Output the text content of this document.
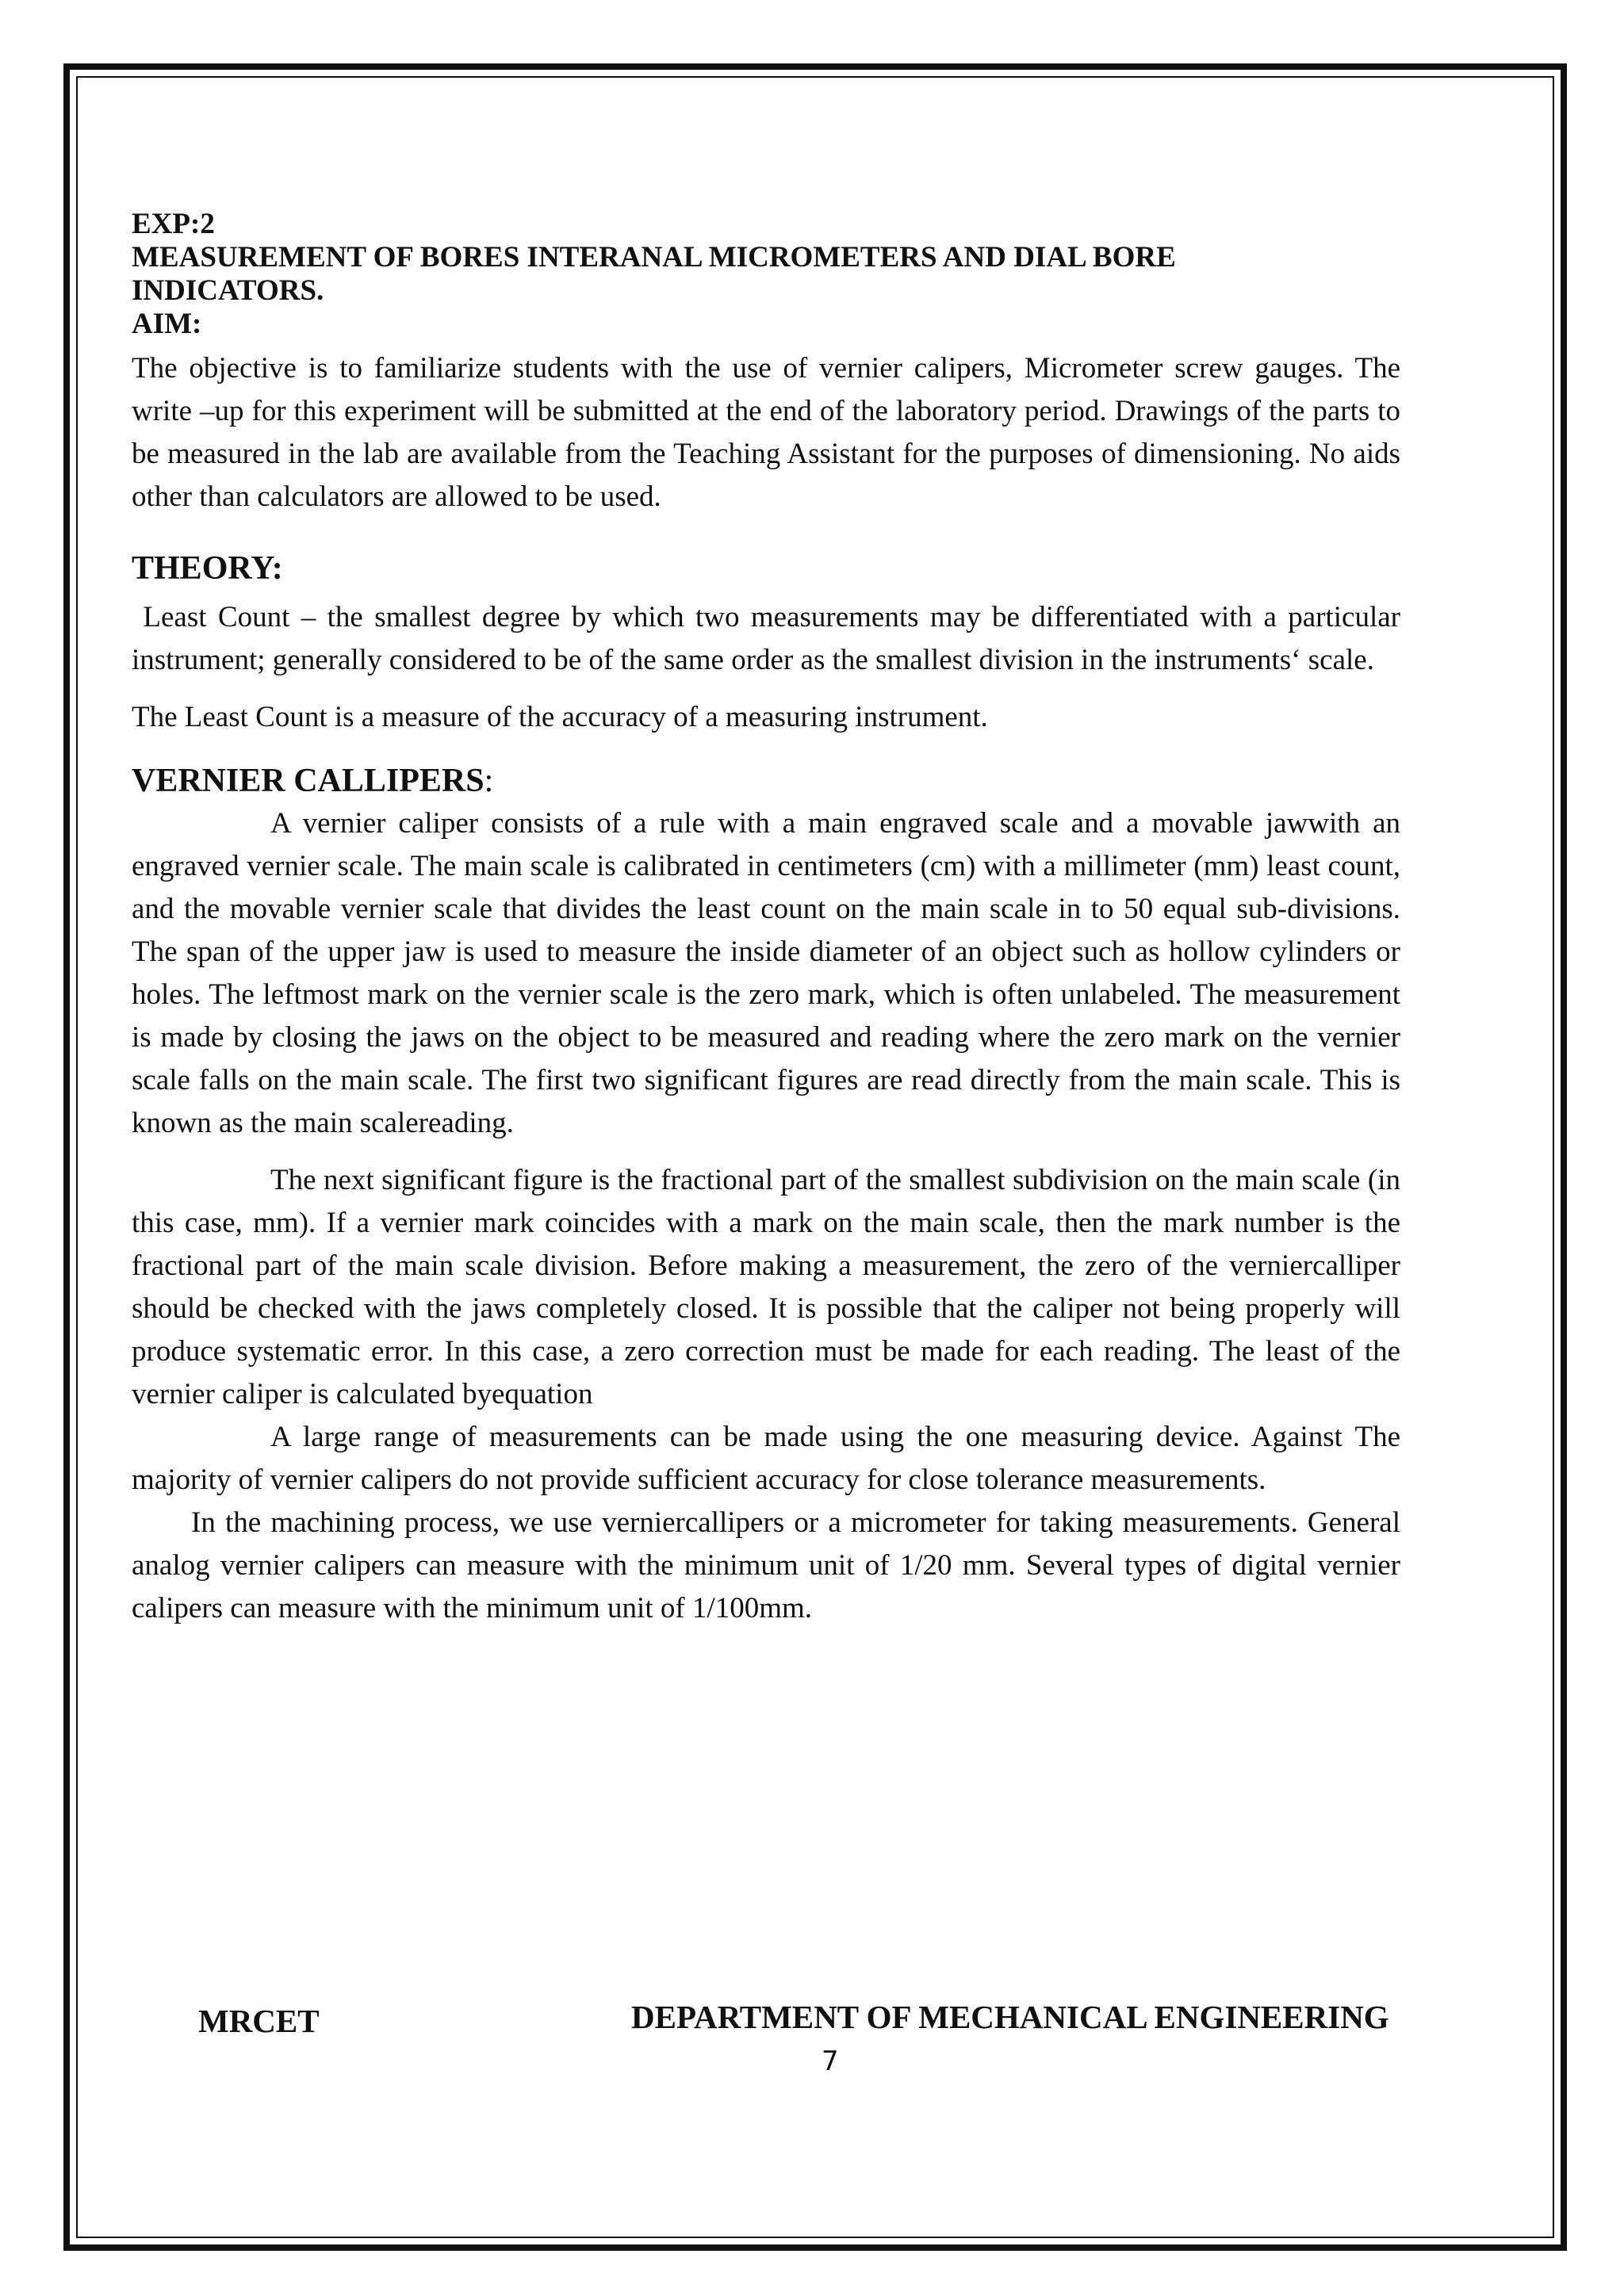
EXP:2
MEASUREMENT OF BORES INTERANAL MICROMETERS AND DIAL BORE
INDICATORS.
AIM:

The objective is to familiarize students with the use of vernier calipers, Micrometer screw gauges. The write –up for this experiment will be submitted at the end of the laboratory period. Drawings of the parts to be measured in the lab are available from the Teaching Assistant for the purposes of dimensioning. No aids other than calculators are allowed to be used.

THEORY:

Least Count – the smallest degree by which two measurements may be differentiated with a particular instrument; generally considered to be of the same order as the smallest division in the instruments‘ scale.

The Least Count is a measure of the accuracy of a measuring instrument.

VERNIER CALLIPERS:

A vernier caliper consists of a rule with a main engraved scale and a movable jawwith an engraved vernier scale. The main scale is calibrated in centimeters (cm) with a millimeter (mm) least count, and the movable vernier scale that divides the least count on the main scale in to 50 equal sub-divisions. The span of the upper jaw is used to measure the inside diameter of an object such as hollow cylinders or holes. The leftmost mark on the vernier scale is the zero mark, which is often unlabeled. The measurement is made by closing the jaws on the object to be measured and reading where the zero mark on the vernier scale falls on the main scale. The first two significant figures are read directly from the main scale. This is known as the main scalereading.

The next significant figure is the fractional part of the smallest subdivision on the main scale (in this case, mm). If a vernier mark coincides with a mark on the main scale, then the mark number is the fractional part of the main scale division. Before making a measurement, the zero of the verniercalliper should be checked with the jaws completely closed. It is possible that the caliper not being properly will produce systematic error. In this case, a zero correction must be made for each reading. The least of the vernier caliper is calculated byequation

A large range of measurements can be made using the one measuring device. Against The majority of vernier calipers do not provide sufficient accuracy for close tolerance measurements.

In the machining process, we use verniercallipers or a micrometer for taking measurements. General analog vernier calipers can measure with the minimum unit of 1/20 mm. Several types of digital vernier calipers can measure with the minimum unit of 1/100mm.

MRCET	DEPARTMENT OF MECHANICAL ENGINEERING
7
